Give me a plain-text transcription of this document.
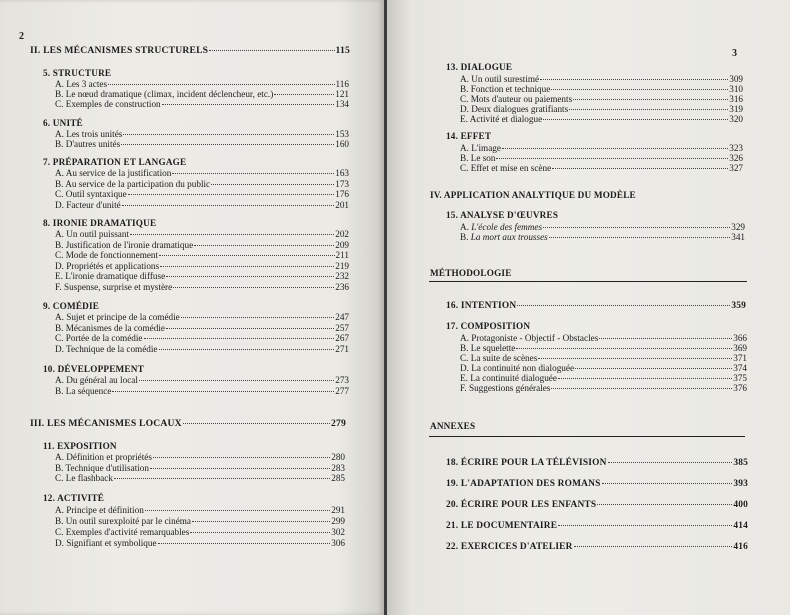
2
II. LES MÉCANISMES STRUCTURELS	115
5. STRUCTURE
A. Les 3 actes	116
B. Le nœud dramatique (climax, incident déclencheur, etc.)	121
C. Exemples de construction	134
6. UNITÉ
A. Les trois unités	153
B. D'autres unités	160
7. PRÉPARATION ET LANGAGE
A. Au service de la justification	163
B. Au service de la participation du public	173
C. Outil syntaxique	176
D. Facteur d'unité	201
8. IRONIE DRAMATIQUE
A. Un outil puissant	202
B. Justification de l'ironie dramatique	209
C. Mode de fonctionnement	211
D. Propriétés et applications	219
E. L'ironie dramatique diffuse	232
F. Suspense, surprise et mystère	236
9. COMÉDIE
A. Sujet et principe de la comédie	247
B. Mécanismes de la comédie	257
C. Portée de la comédie	267
D. Technique de la comédie	271
10. DÉVELOPPEMENT
A. Du général au local	273
B. La séquence	277
III. LES MÉCANISMES LOCAUX	279
11. EXPOSITION
A. Définition et propriétés	280
B. Technique d'utilisation	283
C. Le flashback	285
12. ACTIVITÉ
A. Principe et définition	291
B. Un outil surexploité par le cinéma	299
C. Exemples d'activité remarquables	302
D. Signifiant et symbolique	306
3
13. DIALOGUE
A. Un outil surestimé	309
B. Fonction et technique	310
C. Mots d'auteur ou paiements	316
D. Deux dialogues gratifiants	319
E. Activité et dialogue	320
14. EFFET
A. L'image	323
B. Le son	326
C. Effet et mise en scène	327
IV. APPLICATION ANALYTIQUE DU MODÈLE
15. ANALYSE D'ŒUVRES
A. L'école des femmes	329
B. La mort aux trousses	341
MÉTHODOLOGIE
16. INTENTION	359
17. COMPOSITION
A. Protagoniste - Objectif - Obstacles	366
B. Le squelette	369
C. La suite de scènes	371
D. La continuité non dialoguée	374
E. La continuité dialoguée	375
F. Suggestions générales	376
ANNEXES
18. ÉCRIRE POUR LA TÉLÉVISION	385
19. L'ADAPTATION DES ROMANS	393
20. ÉCRIRE POUR LES ENFANTS	400
21. LE DOCUMENTAIRE	414
22. EXERCICES D'ATELIER	416
